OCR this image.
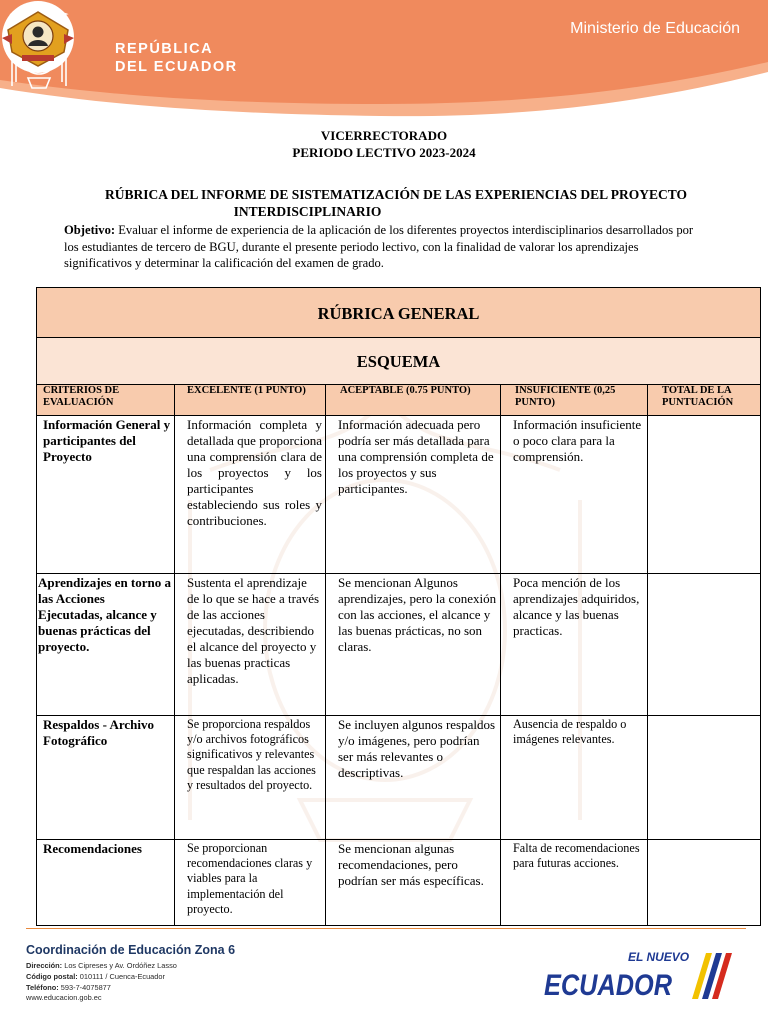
REPÚBLICA
DEL ECUADOR
Ministerio de Educación
VICERRECTORADO
PERIODO LECTIVO 2023-2024
RÚBRICA DEL INFORME DE SISTEMATIZACIÓN DE LAS EXPERIENCIAS DEL PROYECTO
INTERDISCIPLINARIO
Objetivo: Evaluar el informe de experiencia de la aplicación de los diferentes proyectos interdisciplinarios desarrollados por los estudiantes de tercero de BGU, durante el presente periodo lectivo, con la finalidad de valorar los aprendizajes significativos y determinar la calificación del examen de grado.
RÚBRICA GENERAL				
ESQUEMA				
CRITERIOS DE EVALUACIÓN	EXCELENTE (1 PUNTO)	ACEPTABLE (0.75 PUNTO)	INSUFICIENTE (0,25 PUNTO)	TOTAL DE LA PUNTUACIÓN
Información General y participantes del Proyecto	Información completa y detallada que proporciona una comprensión clara de los proyectos y los participantes estableciendo sus roles y contribuciones.	Información adecuada pero podría ser más detallada para una comprensión completa de los proyectos y sus participantes.	Información insuficiente o poco clara para la comprensión.	
Aprendizajes en torno a las Acciones Ejecutadas, alcance y buenas prácticas del proyecto.	Sustenta el aprendizaje de lo que se hace a través de las acciones ejecutadas, describiendo el alcance del proyecto y las buenas practicas aplicadas.	Se mencionan Algunos aprendizajes, pero la conexión con las acciones, el alcance y las buenas prácticas, no son claras.	Poca mención de los aprendizajes adquiridos, alcance y las buenas practicas.	
Respaldos - Archivo Fotográfico	Se proporciona respaldos y/o archivos fotográficos significativos y relevantes que respaldan las acciones y resultados del proyecto.	Se incluyen algunos respaldos y/o imágenes, pero podrían ser más relevantes o descriptivas.	Ausencia de respaldo o imágenes relevantes.	
Recomendaciones	Se proporcionan recomendaciones claras y viables para la implementación del proyecto.	Se mencionan algunas recomendaciones, pero podrían ser más específicas.	Falta de recomendaciones para futuras acciones.	
Coordinación de Educación Zona 6
Dirección: Los Cipreses y Av. Ordóñez Lasso
Código postal: 010111 / Cuenca-Ecuador
Teléfono: 593-7-4075877
www.educacion.gob.ec
EL NUEVO
ECUADOR
